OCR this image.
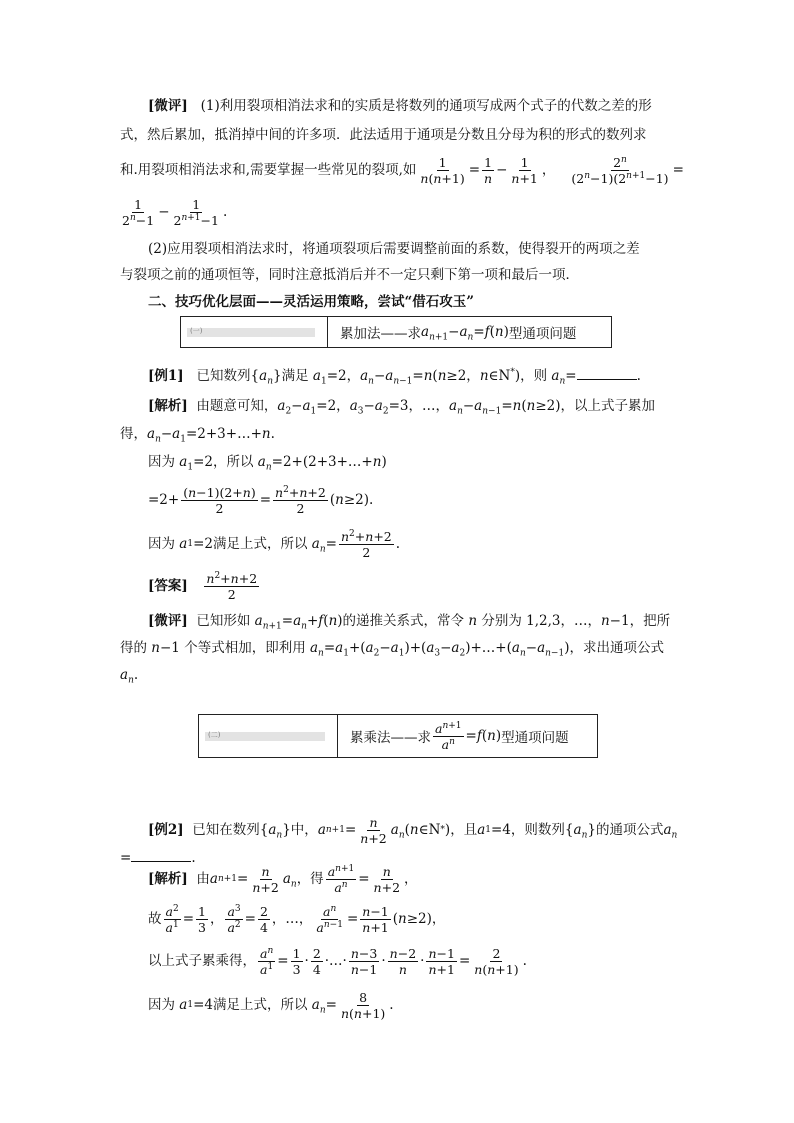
[微评] (1)利用裂项相消法求和的实质是将数列的通项写成两个式子的代数之差的形
式，然后累加，抵消掉中间的许多项．此法适用于通项是分数且分母为积的形式的数列求
和.用裂项相消法求和,需要掌握一些常见的裂项,如 $\frac{1}{n(n+1)} = \frac{1}{n} - \frac{1}{n+1}$ ， $\frac{2^n}{(2^n-1)(2^{n+1}-1)}$ =
$\frac{1}{2^n-1} - \frac{1}{2^{n+1}-1}$ .
(2)应用裂项相消法求时，将通项裂项后需要调整前面的系数，使得裂开的两项之差
与裂项之前的通项恒等，同时注意抵消后并不一定只剩下第一项和最后一项．
二、技巧优化层面——灵活运用策略，尝试“借石攻玉”
(一)	累加法——求 $a_{n+1}-a_n=f(n)$ 型通项问题
[例1] 已知数列$\{a_n\}$满足 $a_1=2$，$a_n-a_{n-1}=n(n\ge 2$，n∈N*)，则 $a_n=$	.
[解析]  由题意可知，$a_2-a_1=2$，$a_3-a_2=3$，…，$a_n-a_{n-1}=n(n\ge 2)$，以上式子累加
得，$a_n-a_1=2+3+\dots+n$.
因为 $a_1=2$，所以 $a_n=2+(2+3+\dots+n)$
$=2+ \frac{(n-1)(2+n)}{2} = \frac{n^2+n+2}{2}$ ( n ≥2).
因为
a 1 =2 满足上式，所以
$a_n = \frac{n^2+n+2}{2}$ .
[答案]
$\frac{n^2+n+2}{2}$
[微评]  已知形如 $a_{n+1}=a_n+f(n)$的递推关系式，常令 n 分别为 1,2,3，…，n−1，把所
得的 n−1 个等式相加，即利用 $a_n=a_1+(a_2-a_1)+(a_3-a_2)+\dots+(a_n-a_{n-1})$，求出通项公式
$a_n$.
(二)	累乘法——求 $\frac{a^{n+1}}{a^n} =f(n)$ 型通项问题
[例2]
已知在数列 { $a_n$ }中， a $n+1 = \frac{n}{n+2} a_n$ ( n ∈N * )，且 a 1 =4，则数列{ $a_n$ }的通项公式 $a_n$
=	.
[解析] 由 a $n+1 = \frac{n}{n+2} a_n$ ，得 $\frac{a^{n+1}}{a^n} = \frac{n}{n+2}$ ，
故 $\frac{a^2}{a^1} = \frac{1}{3}$ ， $\frac{a^3}{a^2} = \frac{2}{4}$ ，…， $\frac{a^n}{a^{n-1}} = \frac{n-1}{n+1}$ ( n ≥2)，
以上式子累乘得， $\frac{a^n}{a^1} = \frac{1}{3} \cdot \frac{2}{4}$ ·…· $\frac{n-3}{n-1} \cdot \frac{n-2}{n} \cdot \frac{n-1}{n+1} = \frac{2}{n(n+1)}$ .
因为
a 1 =4 满足上式，所以
$a_n = \frac{8}{n(n+1)}$ .
